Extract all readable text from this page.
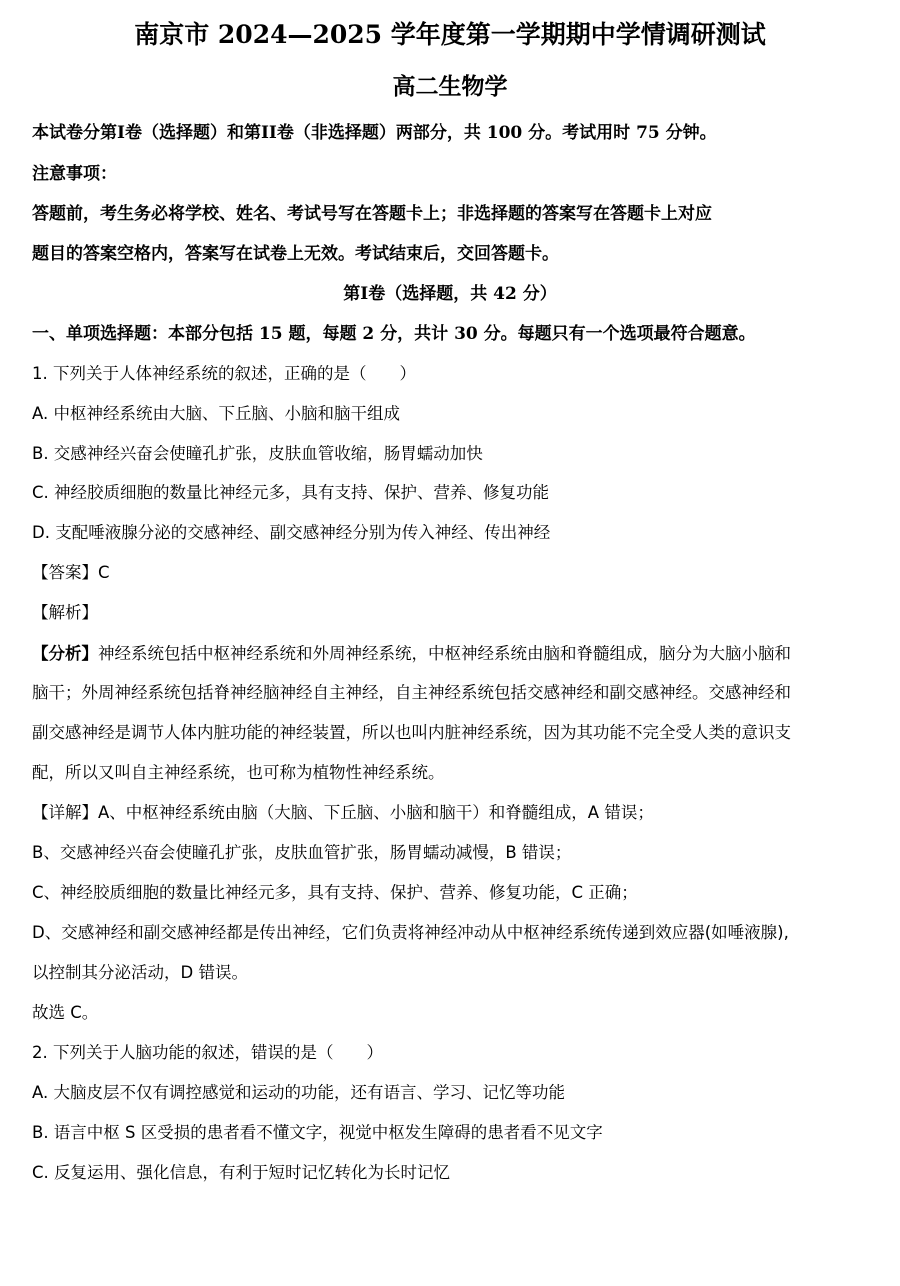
南京市 2024—2025 学年度第一学期期中学情调研测试
高二生物学
本试卷分第I卷（选择题）和第II卷（非选择题）两部分，共 100 分。考试用时 75 分钟。
注意事项：
答题前，考生务必将学校、姓名、考试号写在答题卡上；非选择题的答案写在答题卡上对应
题目的答案空格内，答案写在试卷上无效。考试结束后，交回答题卡。
第I卷（选择题，共 42 分）
一、单项选择题：本部分包括 15 题，每题 2 分，共计 30 分。每题只有一个选项最符合题意。
1. 下列关于人体神经系统的叙述，正确的是（　　）
A. 中枢神经系统由大脑、下丘脑、小脑和脑干组成
B. 交感神经兴奋会使瞳孔扩张，皮肤血管收缩，肠胃蠕动加快
C. 神经胶质细胞的数量比神经元多，具有支持、保护、营养、修复功能
D. 支配唾液腺分泌的交感神经、副交感神经分别为传入神经、传出神经
【答案】C
【解析】
【分析】神经系统包括中枢神经系统和外周神经系统，中枢神经系统由脑和脊髓组成，脑分为大脑小脑和
脑干；外周神经系统包括脊神经脑神经自主神经，自主神经系统包括交感神经和副交感神经。交感神经和
副交感神经是调节人体内脏功能的神经装置，所以也叫内脏神经系统，因为其功能不完全受人类的意识支
配，所以又叫自主神经系统，也可称为植物性神经系统。
【详解】A、中枢神经系统由脑（大脑、下丘脑、小脑和脑干）和脊髓组成，A 错误；
B、交感神经兴奋会使瞳孔扩张，皮肤血管扩张，肠胃蠕动减慢，B 错误；
C、神经胶质细胞的数量比神经元多，具有支持、保护、营养、修复功能，C 正确；
D、交感神经和副交感神经都是传出神经，它们负责将神经冲动从中枢神经系统传递到效应器(如唾液腺),
以控制其分泌活动，D 错误。
故选 C。
2. 下列关于人脑功能的叙述，错误的是（　　）
A. 大脑皮层不仅有调控感觉和运动的功能，还有语言、学习、记忆等功能
B. 语言中枢 S 区受损的患者看不懂文字，视觉中枢发生障碍的患者看不见文字
C. 反复运用、强化信息，有利于短时记忆转化为长时记忆
